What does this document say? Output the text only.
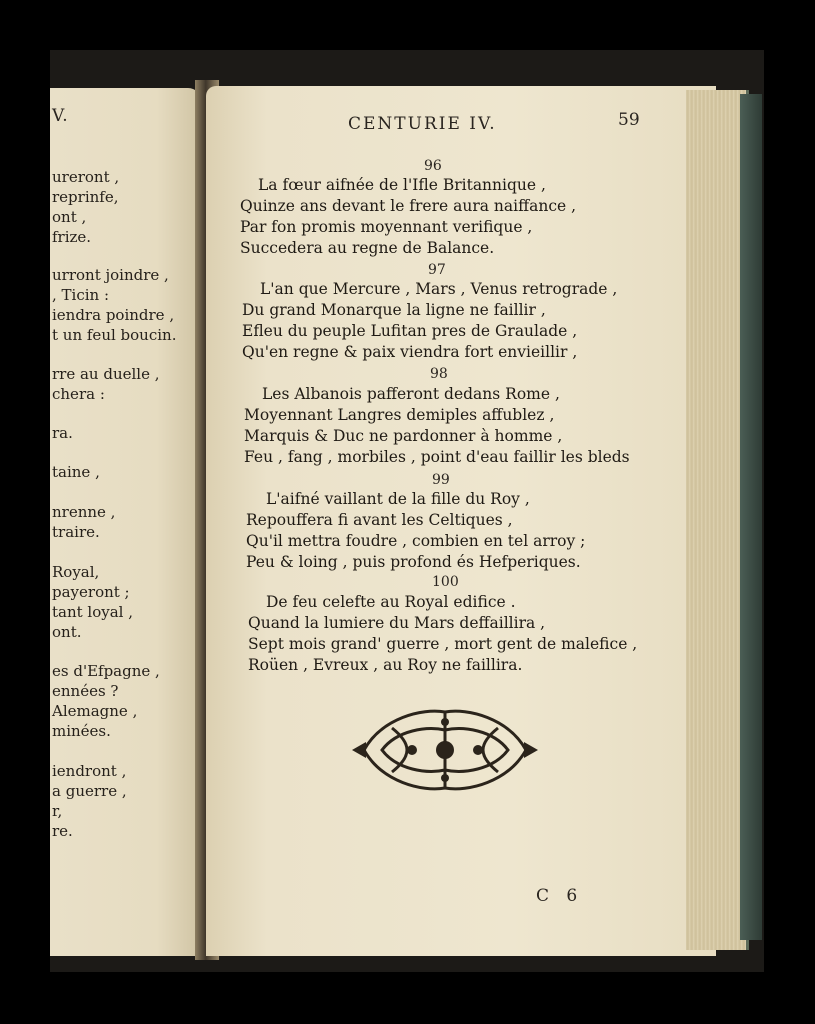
V.
ureront ,
reprinfe,
ont ,
frize.
urront joindre ,
, Ticin :
iendra poindre ,
t un feul boucin.
rre au duelle ,
chera :
ra.
taine ,
nrenne ,
traire.
Royal,
payeront ;
tant loyal ,
ont.
es d'Efpagne ,
ennées ?
Alemagne ,
minées.
iendront ,
a guerre ,
r,
re.
CENTURIE IV.	59
96
La fœur aifnée de l'Ifle Britannique ,
Quinze ans devant le frere aura naiffance ,
Par fon promis moyennant verifique ,
Succedera au regne de Balance.
97
L'an que Mercure , Mars , Venus retrograde ,
Du grand Monarque la ligne ne faillir ,
Efleu du peuple Lufitan pres de Graulade ,
Qu'en regne & paix viendra fort envieillir ,
98
Les Albanois pafferont dedans Rome ,
Moyennant Langres demiples affublez ,
Marquis & Duc ne pardonner à homme ,
Feu , fang , morbiles , point d'eau faillir les bleds
99
L'aifné vaillant de la fille du Roy ,
Repouffera fi avant les Celtiques ,
Qu'il mettra foudre , combien en tel arroy ;
Peu & loing , puis profond és Hefperiques.
100
De feu celefte au Royal edifice .
Quand la lumiere du Mars deffaillira ,
Sept mois grand' guerre , mort gent de malefice ,
Roüen , Evreux , au Roy ne faillira.
C 6
